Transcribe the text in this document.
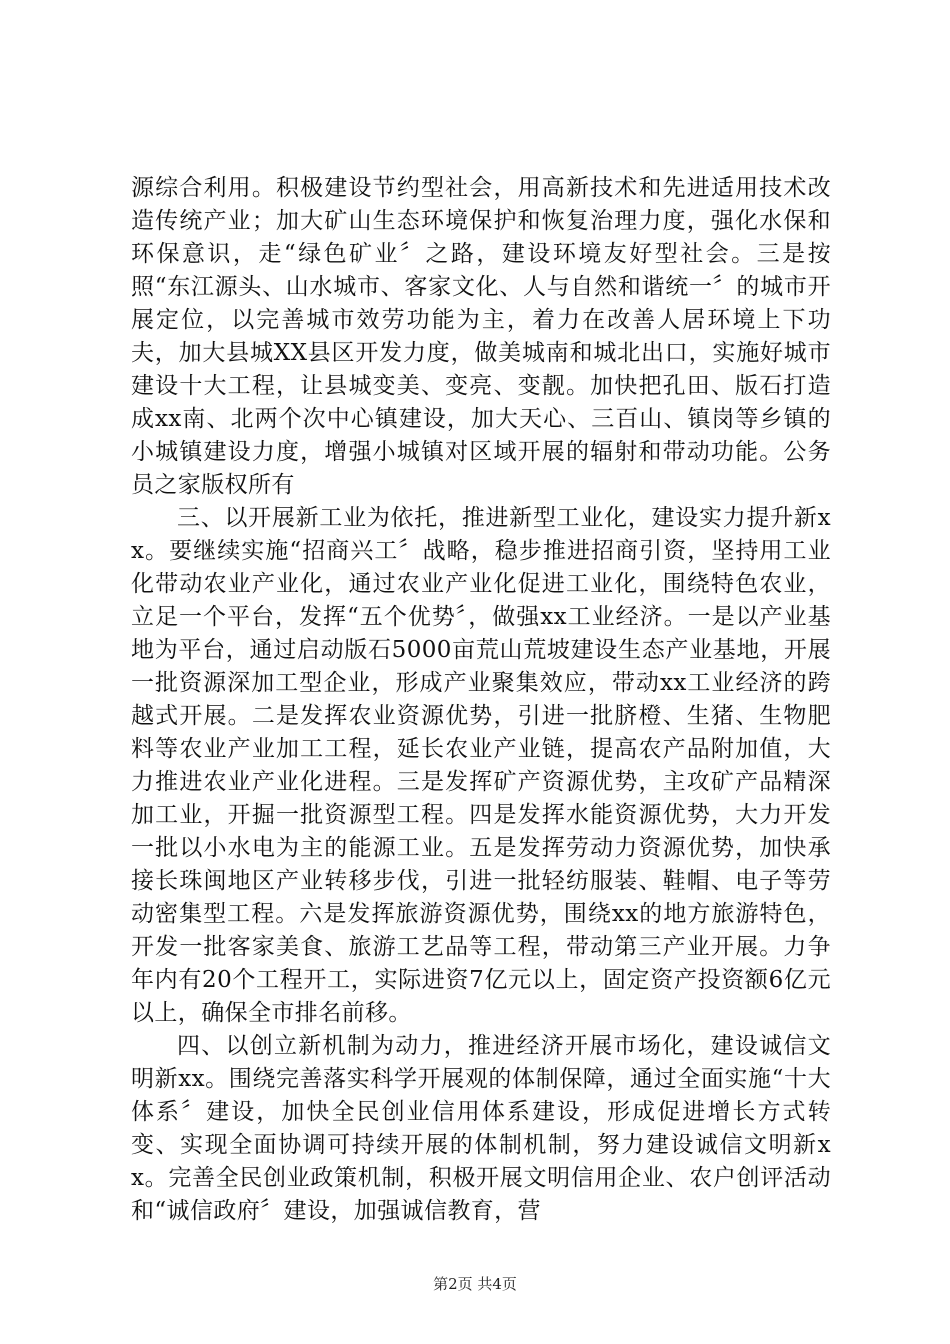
源综合利用。积极建设节约型社会，用高新技术和先进适用技术改造传统产业；加大矿山生态环境保护和恢复治理力度，强化水保和环保意识，走“绿色矿业〞之路，建设环境友好型社会。三是按照“东江源头、山水城市、客家文化、人与自然和谐统一〞的城市开展定位，以完善城市效劳功能为主，着力在改善人居环境上下功夫，加大县城XX县区开发力度，做美城南和城北出口，实施好城市建设十大工程，让县城变美、变亮、变靓。加快把孔田、版石打造成xx南、北两个次中心镇建设，加大天心、三百山、镇岗等乡镇的小城镇建设力度，增强小城镇对区域开展的辐射和带动功能。公务员之家版权所有

三、以开展新工业为依托，推进新型工业化，建设实力提升新xx。要继续实施“招商兴工〞战略，稳步推进招商引资，坚持用工业化带动农业产业化，通过农业产业化促进工业化，围绕特色农业，立足一个平台，发挥“五个优势〞，做强xx工业经济。一是以产业基地为平台，通过启动版石5000亩荒山荒坡建设生态产业基地，开展一批资源深加工型企业，形成产业聚集效应，带动xx工业经济的跨越式开展。二是发挥农业资源优势，引进一批脐橙、生猪、生物肥料等农业产业加工工程，延长农业产业链，提高农产品附加值，大力推进农业产业化进程。三是发挥矿产资源优势，主攻矿产品精深加工业，开掘一批资源型工程。四是发挥水能资源优势，大力开发一批以小水电为主的能源工业。五是发挥劳动力资源优势，加快承接长珠闽地区产业转移步伐，引进一批轻纺服装、鞋帽、电子等劳动密集型工程。六是发挥旅游资源优势，围绕xx的地方旅游特色，开发一批客家美食、旅游工艺品等工程，带动第三产业开展。力争年内有20个工程开工，实际进资7亿元以上，固定资产投资额6亿元以上，确保全市排名前移。

四、以创立新机制为动力，推进经济开展市场化，建设诚信文明新xx。围绕完善落实科学开展观的体制保障，通过全面实施“十大体系〞建设，加快全民创业信用体系建设，形成促进增长方式转变、实现全面协调可持续开展的体制机制，努力建设诚信文明新xx。完善全民创业政策机制，积极开展文明信用企业、农户创评活动和“诚信政府〞建设，加强诚信教育，营

第2页 共4页
